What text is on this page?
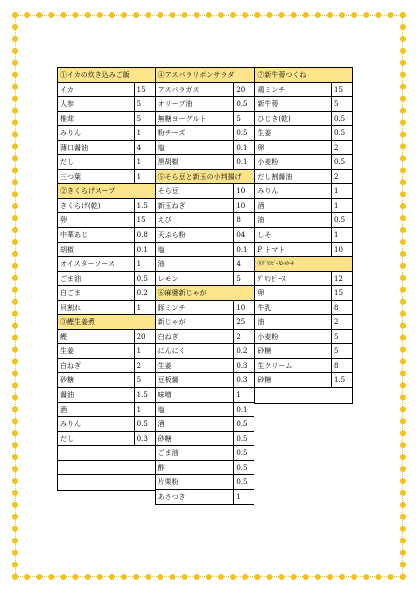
①イカの炊き込みご飯
イカ	15
人参	5
椎茸	5
みりん	1
薄口醤油	4
だし	1
三つ葉	1
②きくらげスープ
きくらげ(乾)	1.5
卵	15
中華あじ	0.8
胡椒	0.1
オイスターソース	1
ごま油	0.5
白ごま	0.2
貝割れ	1
③鰹生姜煮
鰹	20
生姜	1
白ねぎ	2
砂糖	5
醤油	1.5
酒	1
みりん	0.5
だし	0.3
④アスパラリボンサラダ
アスパラガス	20
オリーブ油	0.5
無糖ヨーグルト	5
粉チーズ	0.5
塩	0.1
黒胡椒	0.1
⑤そら豆と新玉の小判揚げ
そら豆	10
新玉ねぎ	10
えび	8
天ぷら粉	04
塩	0.1
油	4
レモン	5
⑥麻婆新じゃが
豚ミンチ	10
新じゃが	25
白ねぎ	2
にんにく	0.2
生姜	0.3
豆板醤	0.3
味噌	1
塩	0.1
酒	0.5
砂糖	0.5
ごま油	0.5
酢	0.5
片栗粉	0.5
あさつき	1
⑦新牛蒡つくね
鶏ミンチ	15
新牛蒡	5
ひじき(乾)	0.5
生姜	0.5
卵	2
小麦粉	0.5
だし割醤油	2
みりん	1
酒	1
油	0.5
しそ	1
P トマト	10
⑧ｸﾞﾘﾝﾋﾟｰｽﾛｰﾙｹｰｷ
ｸﾞﾘﾝﾋﾟｰｽ	12
卵	15
牛乳	8
油	2
小麦粉	5
砂糖	5
生クリーム	8
砂糖	1.5
